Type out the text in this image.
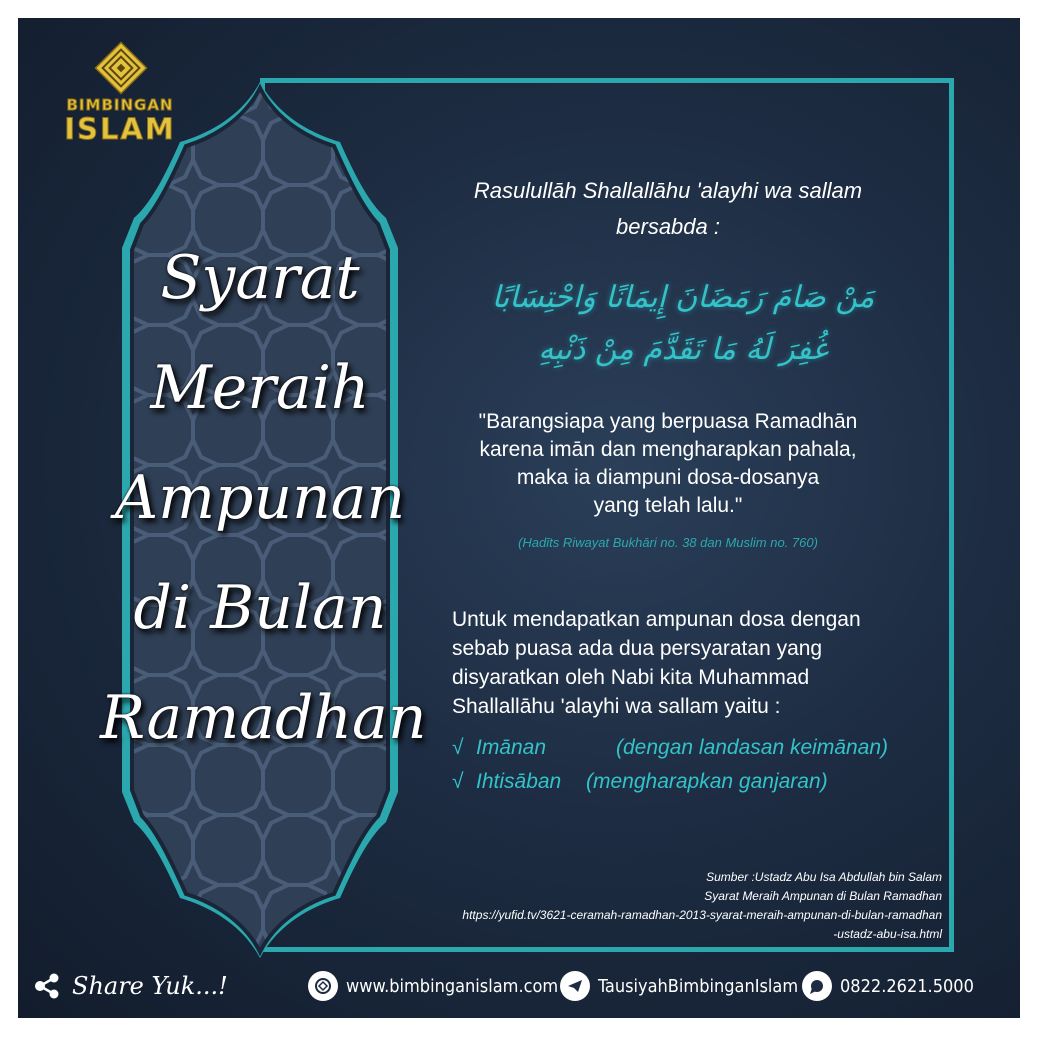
BIMBINGAN
ISLAM
Syarat
Meraih
Ampunan
di Bulan
Ramadhan
Rasulullāh Shallallāhu 'alayhi wa sallam
bersabda :
مَنْ صَامَ رَمَضَانَ إِيمَانًا وَاحْتِسَابًا
غُفِرَ لَهُ مَا تَقَدَّمَ مِنْ ذَنْبِهِ
"Barangsiapa yang berpuasa Ramadhān
karena imān dan mengharapkan pahala,
maka ia diampuni dosa-dosanya
yang telah lalu."
(Hadīts Riwayat Bukhāri no. 38 dan Muslim no. 760)
Untuk mendapatkan ampunan dosa dengan
sebab puasa ada dua persyaratan yang
disyaratkan oleh Nabi kita Muhammad
Shallallāhu 'alayhi wa sallam yaitu :
√ Imānan	(dengan landasan keimānan)
√ Ihtisāban (mengharapkan ganjaran)
Sumber :Ustadz Abu Isa Abdullah bin Salam
Syarat Meraih Ampunan di Bulan Ramadhan
https://yufid.tv/3621-ceramah-ramadhan-2013-syarat-meraih-ampunan-di-bulan-ramadhan
-ustadz-abu-isa.html
Share Yuk...!	www.bimbinganislam.com TausiyahBimbinganIslam 0822.2621.5000
